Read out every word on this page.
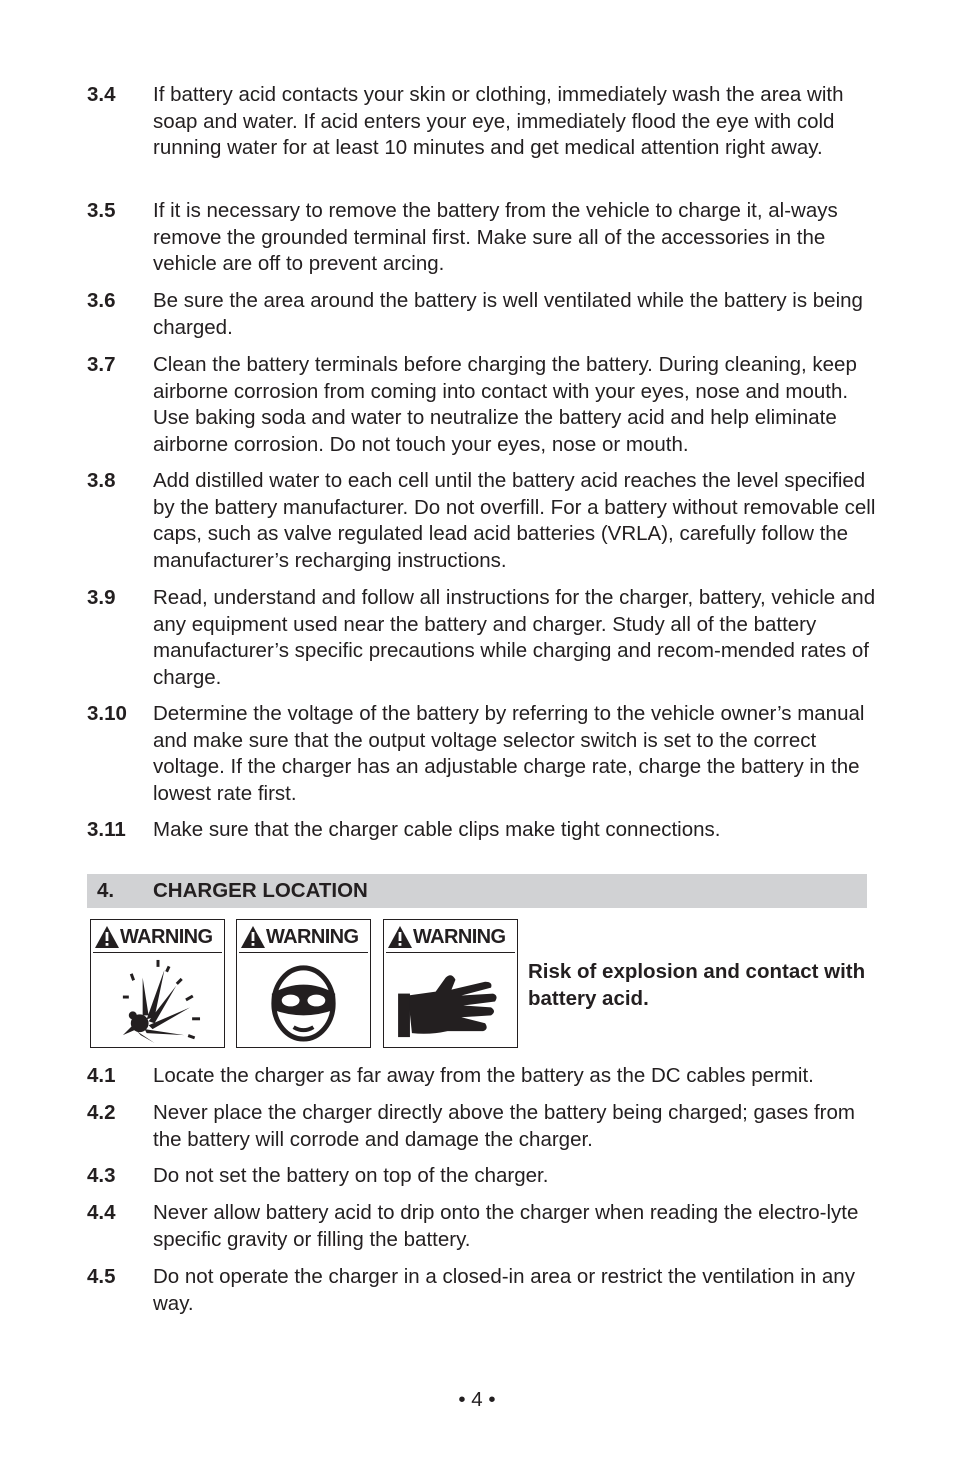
3.4 If battery acid contacts your skin or clothing, immediately wash the area with soap and water. If acid enters your eye, immediately flood the eye with cold running water for at least 10 minutes and get medical attention right away.
3.5 If it is necessary to remove the battery from the vehicle to charge it, al-ways remove the grounded terminal first. Make sure all of the accessories in the vehicle are off to prevent arcing.
3.6 Be sure the area around the battery is well ventilated while the battery is being charged.
3.7 Clean the battery terminals before charging the battery. During cleaning, keep airborne corrosion from coming into contact with your eyes, nose and mouth. Use baking soda and water to neutralize the battery acid and help eliminate airborne corrosion. Do not touch your eyes, nose or mouth.
3.8 Add distilled water to each cell until the battery acid reaches the level specified by the battery manufacturer. Do not overfill. For a battery without removable cell caps, such as valve regulated lead acid batteries (VRLA), carefully follow the manufacturer’s recharging instructions.
3.9 Read, understand and follow all instructions for the charger, battery, vehicle and any equipment used near the battery and charger. Study all of the battery manufacturer’s specific precautions while charging and recom-mended rates of charge.
3.10 Determine the voltage of the battery by referring to the vehicle owner’s manual and make sure that the output voltage selector switch is set to the correct voltage. If the charger has an adjustable charge rate, charge the battery in the lowest rate first.
3.11 Make sure that the charger cable clips make tight connections.
4. CHARGER LOCATION
WARNING	WARNING	WARNING
Risk of explosion and contact with battery acid.
4.1 Locate the charger as far away from the battery as the DC cables permit.
4.2 Never place the charger directly above the battery being charged; gases from the battery will corrode and damage the charger.
4.3 Do not set the battery on top of the charger.
4.4 Never allow battery acid to drip onto the charger when reading the electro-lyte specific gravity or filling the battery.
4.5 Do not operate the charger in a closed-in area or restrict the ventilation in any way.
• 4 •
